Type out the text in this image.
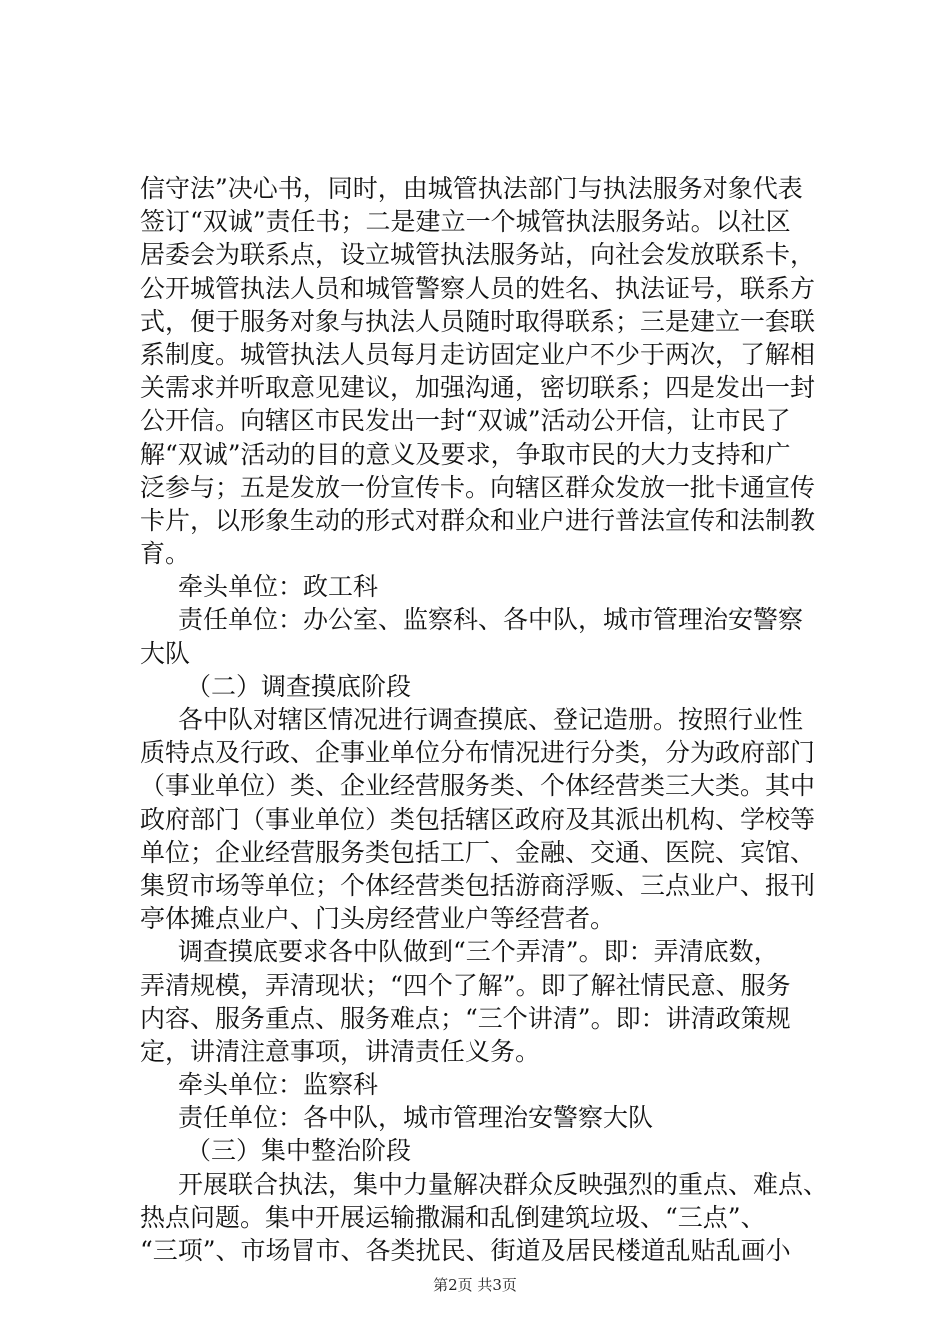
信守法”决心书，同时，由城管执法部门与执法服务对象代表
签订“双诚”责任书；二是建立一个城管执法服务站。以社区
居委会为联系点，设立城管执法服务站，向社会发放联系卡，
公开城管执法人员和城管警察人员的姓名、执法证号，联系方
式，便于服务对象与执法人员随时取得联系；三是建立一套联
系制度。城管执法人员每月走访固定业户不少于两次，了解相
关需求并听取意见建议，加强沟通，密切联系；四是发出一封
公开信。向辖区市民发出一封“双诚”活动公开信，让市民了
解“双诚”活动的目的意义及要求，争取市民的大力支持和广
泛参与；五是发放一份宣传卡。向辖区群众发放一批卡通宣传
卡片，以形象生动的形式对群众和业户进行普法宣传和法制教
育。
牵头单位：政工科
责任单位：办公室、监察科、各中队，城市管理治安警察
大队
（二）调查摸底阶段
各中队对辖区情况进行调查摸底、登记造册。按照行业性
质特点及行政、企事业单位分布情况进行分类，分为政府部门
（事业单位）类、企业经营服务类、个体经营类三大类。其中
政府部门（事业单位）类包括辖区政府及其派出机构、学校等
单位；企业经营服务类包括工厂、金融、交通、医院、宾馆、
集贸市场等单位；个体经营类包括游商浮贩、三点业户、报刊
亭体摊点业户、门头房经营业户等经营者。
调查摸底要求各中队做到“三个弄清”。即：弄清底数，
弄清规模，弄清现状；“四个了解”。即了解社情民意、服务
内容、服务重点、服务难点；“三个讲清”。即：讲清政策规
定，讲清注意事项，讲清责任义务。
牵头单位：监察科
责任单位：各中队，城市管理治安警察大队
（三）集中整治阶段
开展联合执法，集中力量解决群众反映强烈的重点、难点、
热点问题。集中开展运输撒漏和乱倒建筑垃圾、“三点”、
“三项”、市场冒市、各类扰民、街道及居民楼道乱贴乱画小
第2页 共3页
